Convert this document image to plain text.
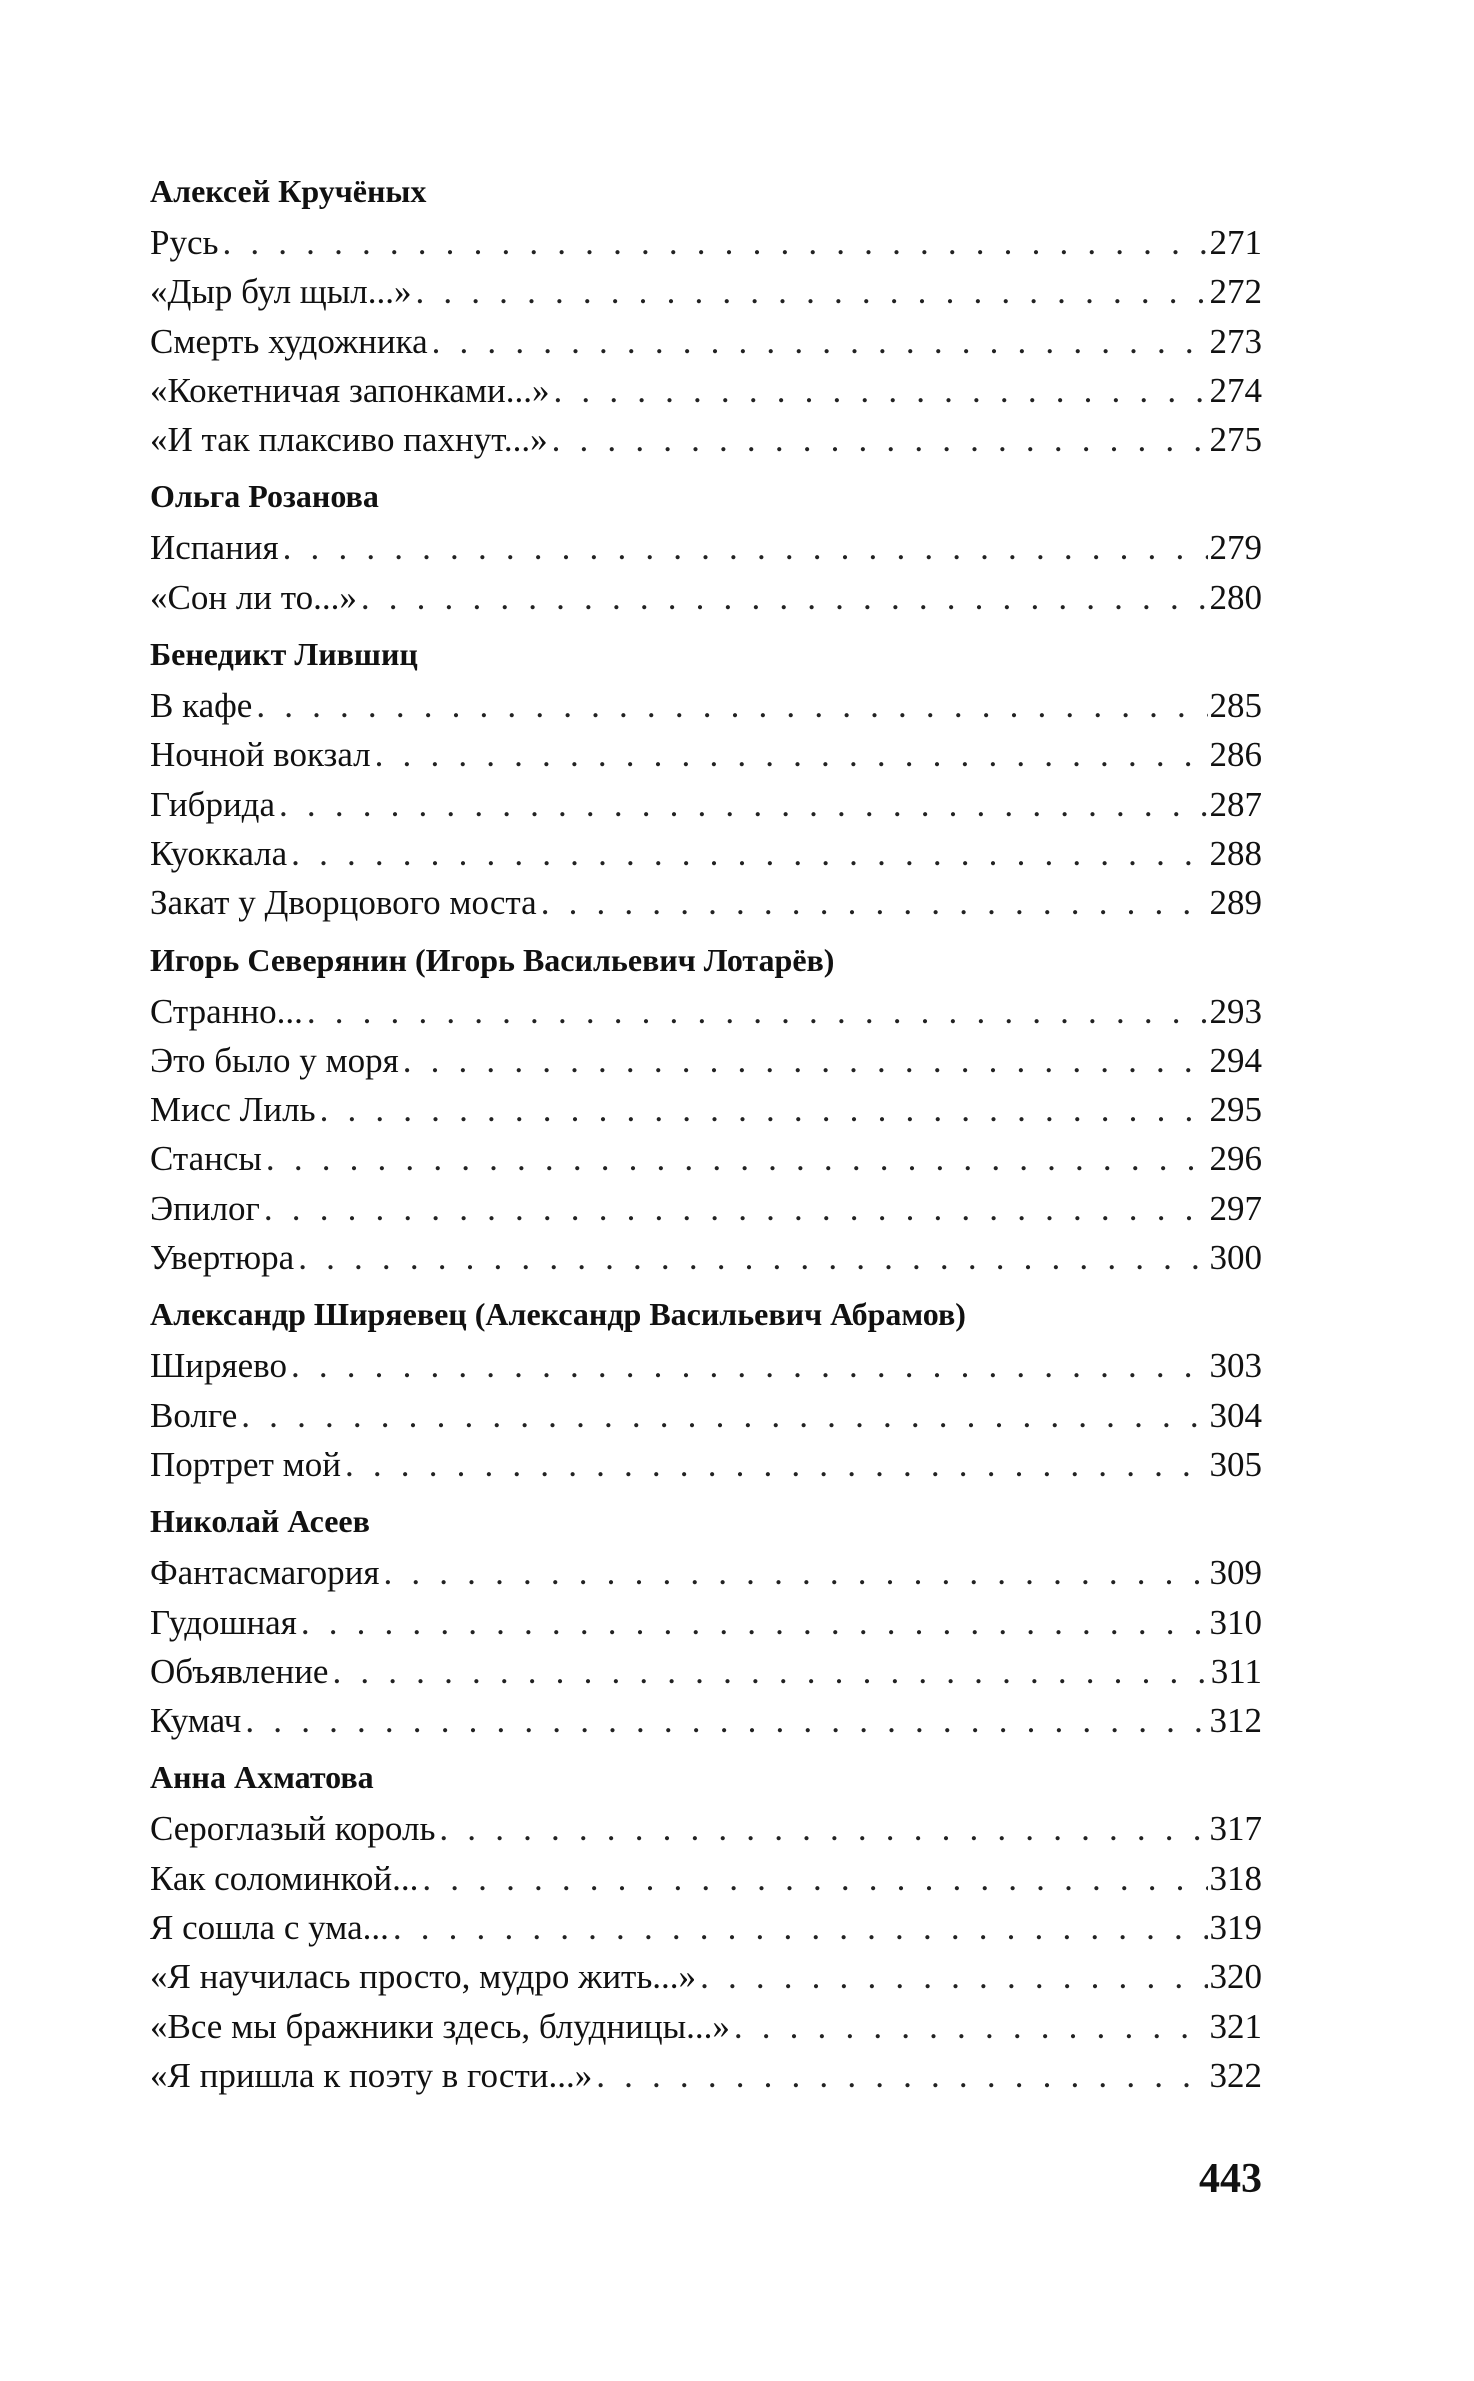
Алексей Кручёных
Русь . . .	271
«Дыр бул щыл...» . . .	272
Смерть художника . . .	273
«Кокетничая запонками...» . . .	274
«И так плаксиво пахнут...» . . .	275
Ольга Розанова
Испания . . .	279
«Сон ли то...» . . .	280
Бенедикт Лившиц
В кафе . . .	285
Ночной вокзал . . .	286
Гибрида . . .	287
Куоккала . . .	288
Закат у Дворцового моста . . .	289
Игорь Северянин (Игорь Васильевич Лотарёв)
Странно... . . .	293
Это было у моря . . .	294
Мисс Лиль . . .	295
Стансы . . .	296
Эпилог . . .	297
Увертюра . . .	300
Александр Ширяевец (Александр Васильевич Абрамов)
Ширяево . . .	303
Волге . . .	304
Портрет мой . . .	305
Николай Асеев
Фантасмагория . . .	309
Гудошная . . .	310
Объявление . . .	311
Кумач . . .	312
Анна Ахматова
Сероглазый король . . .	317
Как соломинкой... . . .	318
Я сошла с ума... . . .	319
«Я научилась просто, мудро жить...» . . .	320
«Все мы бражники здесь, блудницы...» . . .	321
«Я пришла к поэту в гости...» . . .	322
443
